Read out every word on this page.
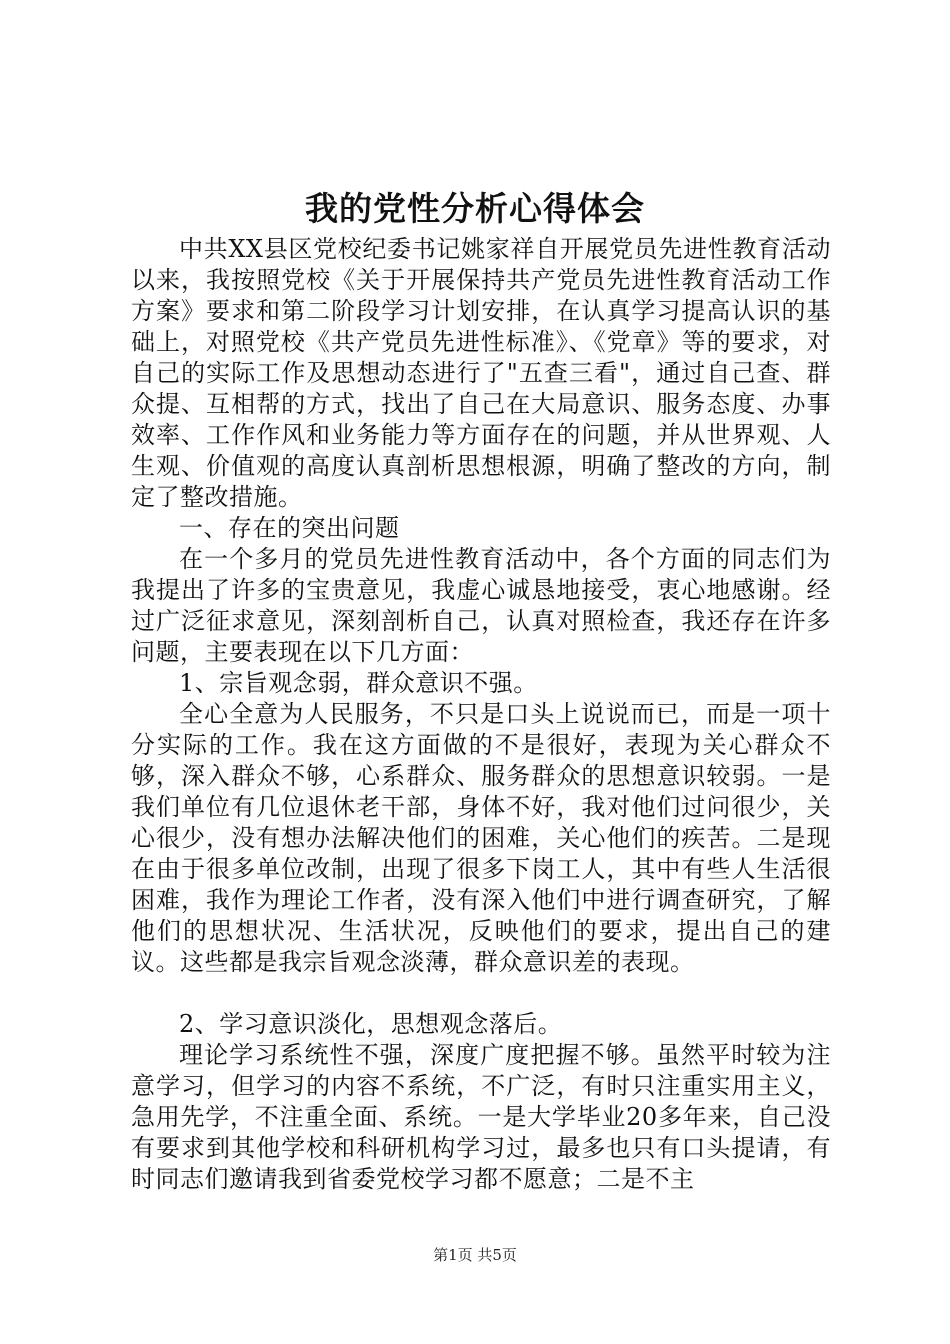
我的党性分析心得体会

中共XX县区党校纪委书记姚家祥自开展党员先进性教育活动以来，我按照党校《关于开展保持共产党员先进性教育活动工作方案》要求和第二阶段学习计划安排，在认真学习提高认识的基础上，对照党校《共产党员先进性标准》、《党章》等的要求，对自己的实际工作及思想动态进行了"五查三看"，通过自己查、群众提、互相帮的方式，找出了自己在大局意识、服务态度、办事效率、工作作风和业务能力等方面存在的问题，并从世界观、人生观、价值观的高度认真剖析思想根源，明确了整改的方向，制定了整改措施。

一、存在的突出问题

在一个多月的党员先进性教育活动中，各个方面的同志们为我提出了许多的宝贵意见，我虚心诚恳地接受，衷心地感谢。经过广泛征求意见，深刻剖析自己，认真对照检查，我还存在许多问题，主要表现在以下几方面：

1、宗旨观念弱，群众意识不强。

全心全意为人民服务，不只是口头上说说而已，而是一项十分实际的工作。我在这方面做的不是很好，表现为关心群众不够，深入群众不够，心系群众、服务群众的思想意识较弱。一是我们单位有几位退休老干部，身体不好，我对他们过问很少，关心很少，没有想办法解决他们的困难，关心他们的疾苦。二是现在由于很多单位改制，出现了很多下岗工人，其中有些人生活很困难，我作为理论工作者，没有深入他们中进行调查研究，了解他们的思想状况、生活状况，反映他们的要求，提出自己的建议。这些都是我宗旨观念淡薄，群众意识差的表现。

2、学习意识淡化，思想观念落后。

理论学习系统性不强，深度广度把握不够。虽然平时较为注意学习，但学习的内容不系统，不广泛，有时只注重实用主义，急用先学，不注重全面、系统。一是大学毕业20多年来，自己没有要求到其他学校和科研机构学习过，最多也只有口头提请，有时同志们邀请我到省委党校学习都不愿意；二是不主

第1页 共5页
